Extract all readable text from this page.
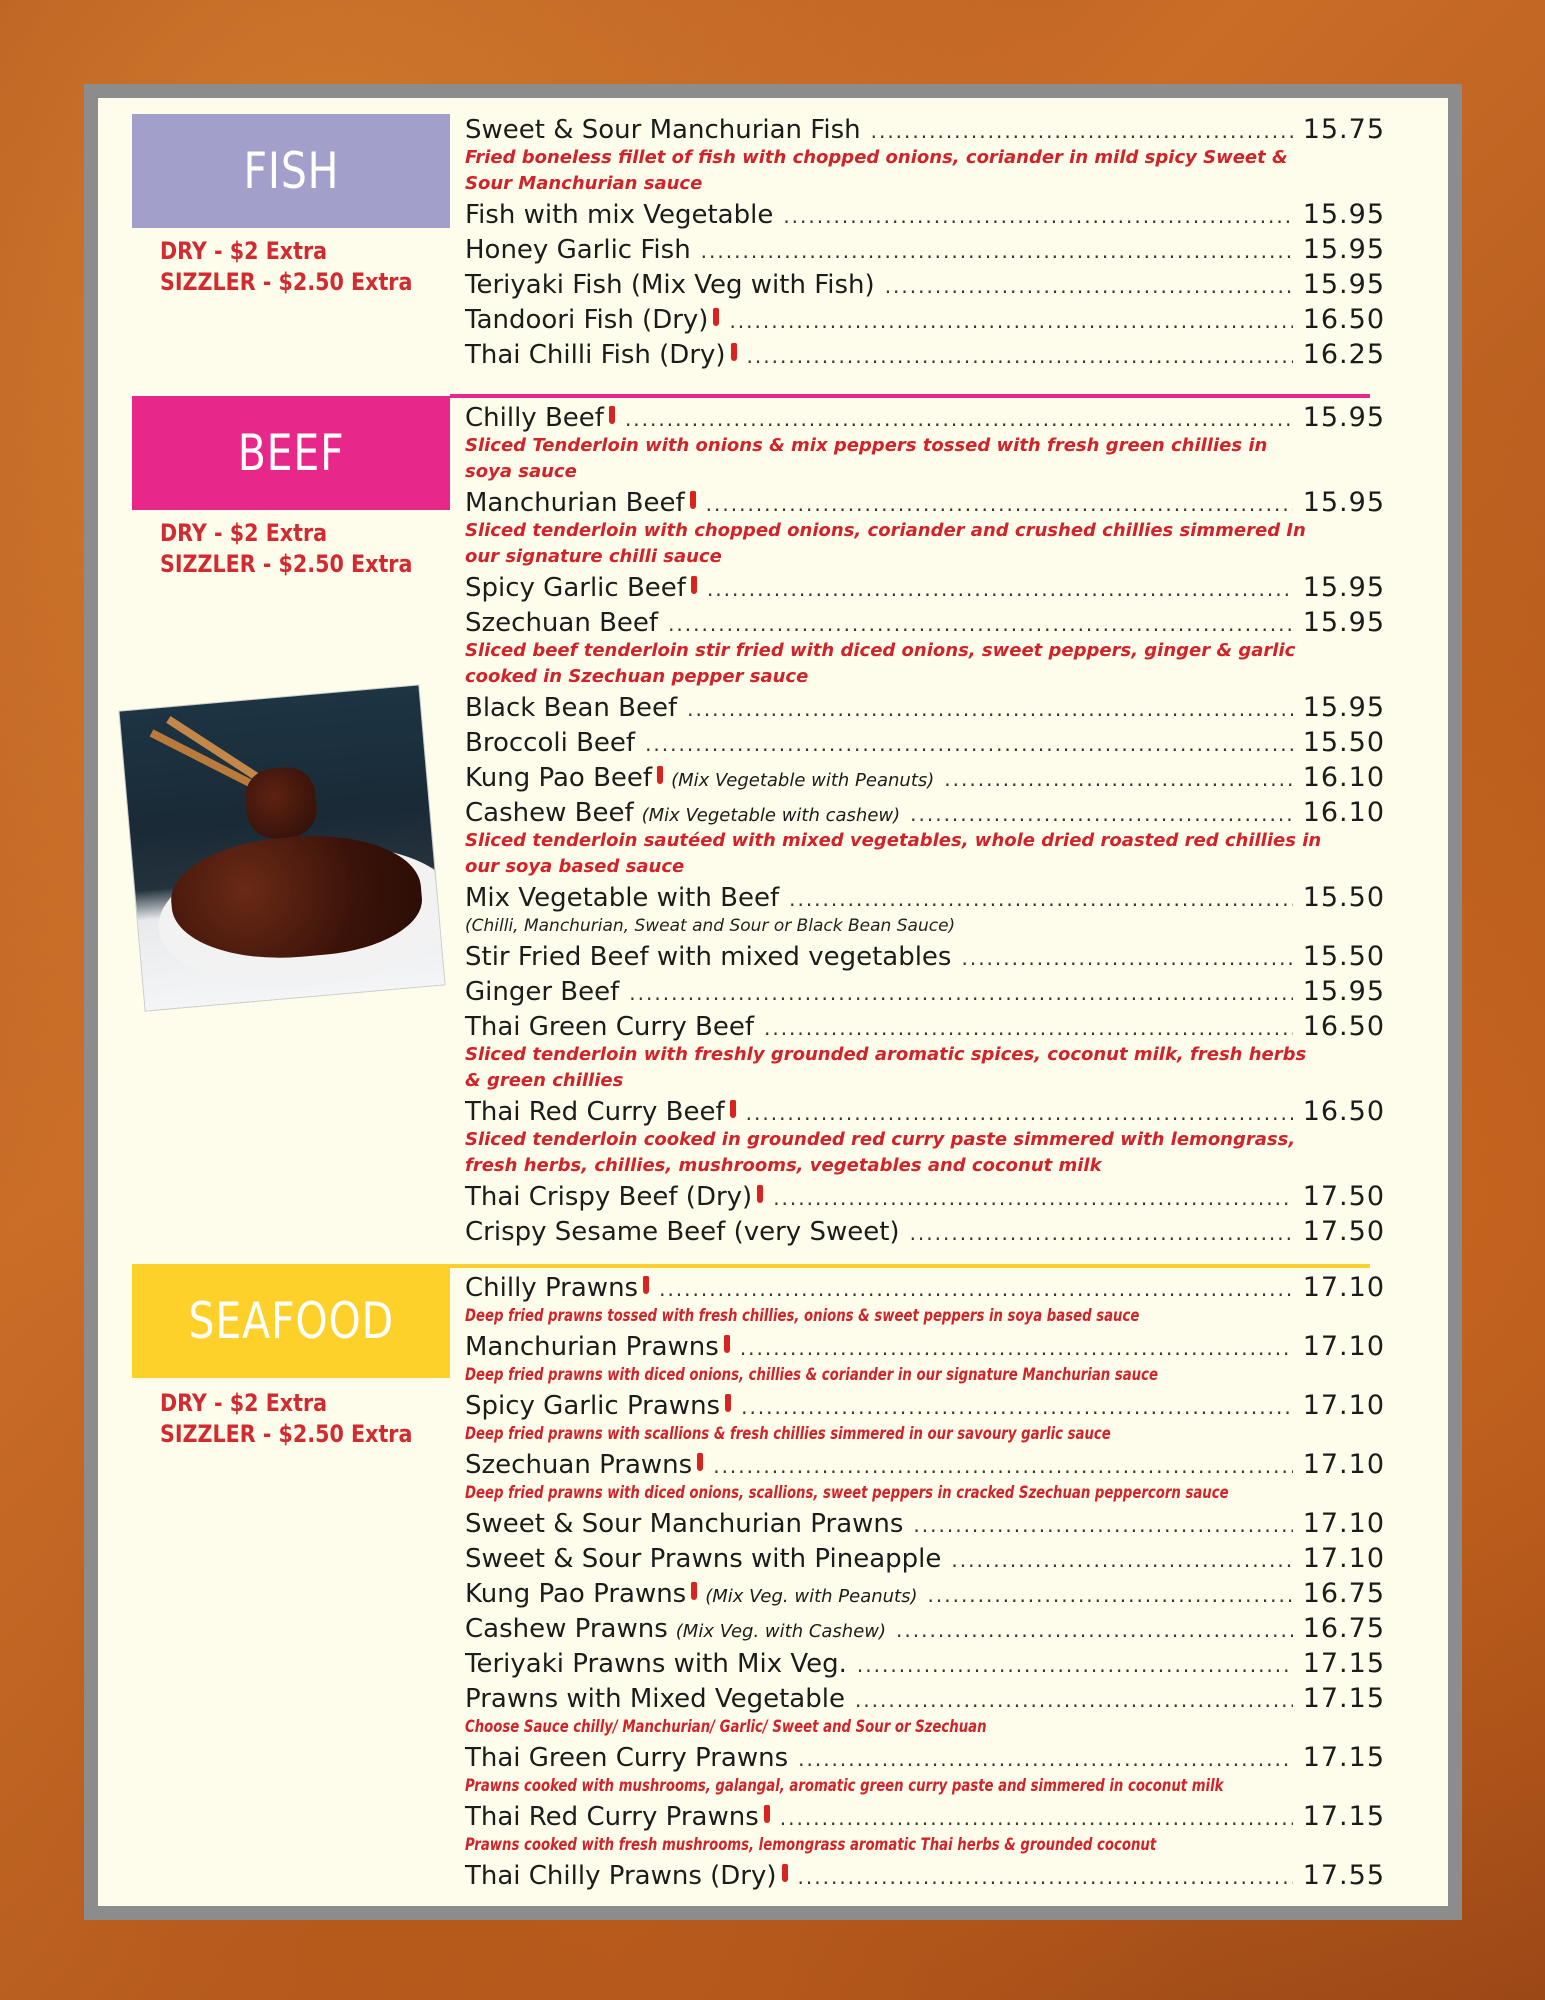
FISH
DRY - $2 Extra
SIZZLER - $2.50 Extra
BEEF
DRY - $2 Extra
SIZZLER - $2.50 Extra
SEAFOOD
DRY - $2 Extra
SIZZLER - $2.50 Extra
Sweet & Sour Manchurian Fish .....	15.75
Fried boneless fillet of fish with chopped onions, coriander in mild spicy Sweet & Sour Manchurian sauce
Fish with mix Vegetable .....	15.95
Honey Garlic Fish .....	15.95
Teriyaki Fish (Mix Veg with Fish) .....	15.95
Tandoori Fish (Dry) .....	16.50
Thai Chilli Fish (Dry) .....	16.25
Chilly Beef .....	15.95
Sliced Tenderloin with onions & mix peppers tossed with fresh green chillies in soya sauce
Manchurian Beef .....	15.95
Sliced tenderloin with chopped onions, coriander and crushed chillies simmered In our signature chilli sauce
Spicy Garlic Beef .....	15.95
Szechuan Beef .....	15.95
Sliced beef tenderloin stir fried with diced onions, sweet peppers, ginger & garlic cooked in Szechuan pepper sauce
Black Bean Beef .....	15.95
Broccoli Beef .....	15.50
Kung Pao Beef (Mix Vegetable with Peanuts) .....	16.10
Cashew Beef (Mix Vegetable with cashew) .....	16.10
Sliced tenderloin sautéed with mixed vegetables, whole dried roasted red chillies in our soya based sauce
Mix Vegetable with Beef .....	15.50
(Chilli, Manchurian, Sweat and Sour or Black Bean Sauce)
Stir Fried Beef with mixed vegetables .....	15.50
Ginger Beef .....	15.95
Thai Green Curry Beef .....	16.50
Sliced tenderloin with freshly grounded aromatic spices, coconut milk, fresh herbs & green chillies
Thai Red Curry Beef .....	16.50
Sliced tenderloin cooked in grounded red curry paste simmered with lemongrass, fresh herbs, chillies, mushrooms, vegetables and coconut milk
Thai Crispy Beef (Dry) .....	17.50
Crispy Sesame Beef (very Sweet) .....	17.50
Chilly Prawns .....	17.10
Deep fried prawns tossed with fresh chillies, onions & sweet peppers in soya based sauce
Manchurian Prawns .....	17.10
Deep fried prawns with diced onions, chillies & coriander in our signature Manchurian sauce
Spicy Garlic Prawns .....	17.10
Deep fried prawns with scallions & fresh chillies simmered in our savoury garlic sauce
Szechuan Prawns .....	17.10
Deep fried prawns with diced onions, scallions, sweet peppers in cracked Szechuan peppercorn sauce
Sweet & Sour Manchurian Prawns .....	17.10
Sweet & Sour Prawns with Pineapple .....	17.10
Kung Pao Prawns (Mix Veg. with Peanuts) .....	16.75
Cashew Prawns (Mix Veg. with Cashew) .....	16.75
Teriyaki Prawns with Mix Veg. .....	17.15
Prawns with Mixed Vegetable .....	17.15
Choose Sauce chilly/ Manchurian/ Garlic/ Sweet and Sour or Szechuan
Thai Green Curry Prawns .....	17.15
Prawns cooked with mushrooms, galangal, aromatic green curry paste and simmered in coconut milk
Thai Red Curry Prawns .....	17.15
Prawns cooked with fresh mushrooms, lemongrass aromatic Thai herbs & grounded coconut
Thai Chilly Prawns (Dry) .....	17.55
